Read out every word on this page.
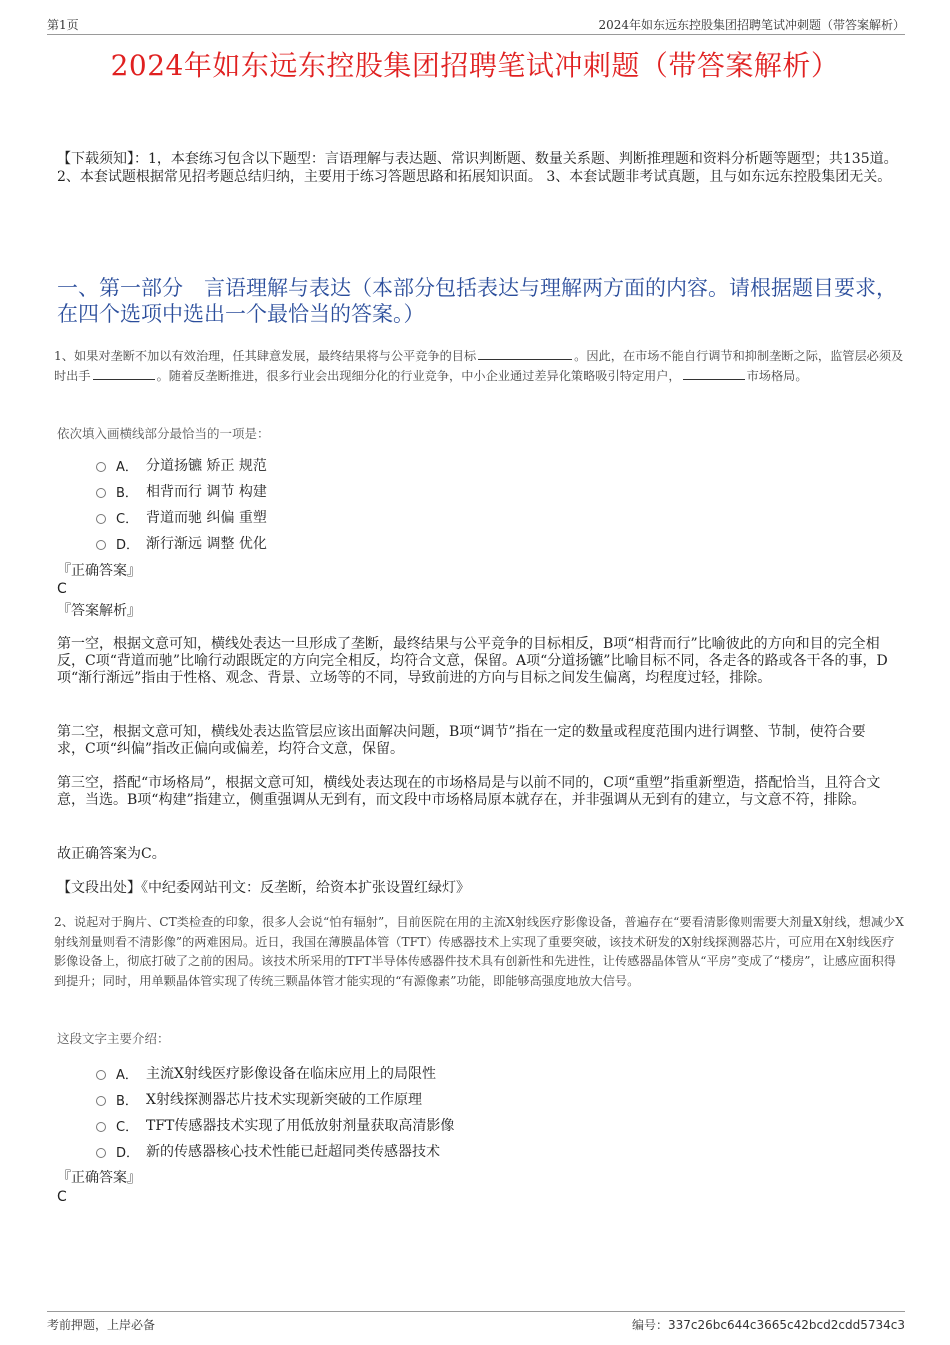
第1页	2024年如东远东控股集团招聘笔试冲刺题（带答案解析）
2024年如东远东控股集团招聘笔试冲刺题（带答案解析）
【下载须知】：1，本套练习包含以下题型：言语理解与表达题、常识判断题、数量关系题、判断推理题和资料分析题等题型；共135道。 2、本套试题根据常见招考题总结归纳，主要用于练习答题思路和拓展知识面。 3、本套试题非考试真题，且与如东远东控股集团无关。
一、第一部分　言语理解与表达（本部分包括表达与理解两方面的内容。请根据题目要求，在四个选项中选出一个最恰当的答案。）
1、如果对垄断不加以有效治理，任其肆意发展，最终结果将与公平竞争的目标	。因此，在市场不能自行调节和抑制垄断之际，监管层必须及时出手	。随着反垄断推进，很多行业会出现细分化的行业竞争，中小企业通过差异化策略吸引特定用户，	市场格局。
依次填入画横线部分最恰当的一项是：
A． 分道扬镳 矫正 规范
B． 相背而行 调节 构建
C． 背道而驰 纠偏 重塑
D． 渐行渐远 调整 优化
『正确答案』
C
『答案解析』
第一空，根据文意可知，横线处表达一旦形成了垄断，最终结果与公平竞争的目标相反，B项“相背而行”比喻彼此的方向和目的完全相反，C项“背道而驰”比喻行动跟既定的方向完全相反，均符合文意，保留。A项“分道扬镳”比喻目标不同，各走各的路或各干各的事，D项“渐行渐远”指由于性格、观念、背景、立场等的不同，导致前进的方向与目标之间发生偏离，均程度过轻，排除。
第二空，根据文意可知，横线处表达监管层应该出面解决问题，B项“调节”指在一定的数量或程度范围内进行调整、节制，使符合要求，C项“纠偏”指改正偏向或偏差，均符合文意，保留。
第三空，搭配“市场格局”，根据文意可知，横线处表达现在的市场格局是与以前不同的，C项“重塑”指重新塑造，搭配恰当，且符合文意，当选。B项“构建”指建立，侧重强调从无到有，而文段中市场格局原本就存在，并非强调从无到有的建立，与文意不符，排除。
故正确答案为C。
【文段出处】《中纪委网站刊文：反垄断，给资本扩张设置红绿灯》
2、说起对于胸片、CT类检查的印象，很多人会说“怕有辐射”，目前医院在用的主流X射线医疗影像设备，普遍存在“要看清影像则需要大剂量X射线，想减少X射线剂量则看不清影像”的两难困局。近日，我国在薄膜晶体管（TFT）传感器技术上实现了重要突破，该技术研发的X射线探测器芯片，可应用在X射线医疗影像设备上，彻底打破了之前的困局。该技术所采用的TFT半导体传感器件技术具有创新性和先进性，让传感器晶体管从“平房”变成了“楼房”，让感应面积得到提升；同时，用单颗晶体管实现了传统三颗晶体管才能实现的“有源像素”功能，即能够高强度地放大信号。
这段文字主要介绍：
A． 主流X射线医疗影像设备在临床应用上的局限性
B． X射线探测器芯片技术实现新突破的工作原理
C． TFT传感器技术实现了用低放射剂量获取高清影像
D． 新的传感器核心技术性能已赶超同类传感器技术
『正确答案』
C
考前押题，上岸必备	编号：337c26bc644c3665c42bcd2cdd5734c3
